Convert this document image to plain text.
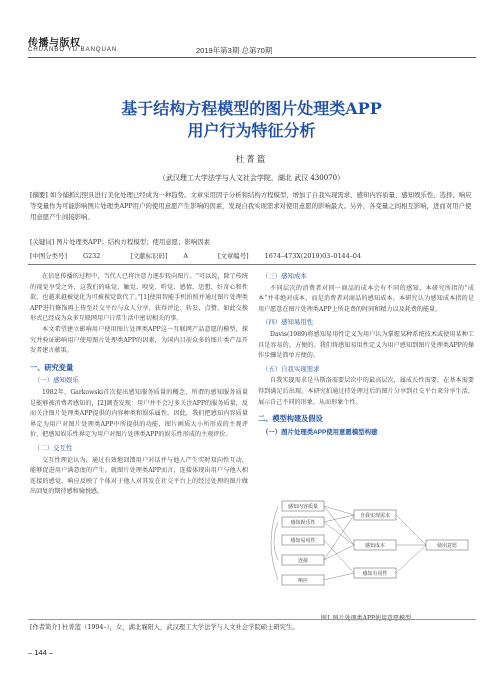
传播与版权
CHUANBO YU BANQUAN	2019年第3期 总第70期
基于结构方程模型的图片处理类APP
用户行为特征分析
杜菁篮
（武汉理工大学法学与人文社会学院，湖北 武汉 430070）
[摘要] 如今捕抓幻照具进行美化处理已经成为一种趋势。文章采用因子分析和结构方程模型，增加了自我实现需求、感知内容质量、感知娱乐性、选择、响应等变量作为可能影响图片处理类APP用户的使用意愿产生影响的因素，发现自我实现需求对使用意愿的影响最大。另外，各变量之间相互影响，进而对用户使用意愿产生间接影响。
[关键词] 图片处理类APP；结构方程模型；使用意愿；影响因素
[中图分类号]	G232	[文献标识码]	A	[文章编号]	1674–473X(2019)03–0144–04

在信息传播的过程中，当代人已将注意力逐步转向图片。“可以说，除了传统的视觉享受之外，这我们的味觉、触觉、嗅觉、听觉、感情、思想、好奇心和性欲、也越来越被觉化为可被视觉欲代了。”[1]使用智能手机拍照并通过图片处理类APP进行修饰再上传至社交平台与众人分享，获得评论、转发、点赞，如此交换形式已经成为众多互联网用户日常生活中密切相关的事。

本文希望建立影响用户使用图片处理类APP这一互联网产品意愿的模型，探究并验证影响用户使用图片处理类APP的因素，为国内目前众多的图片类产品开发者建言献策。

一、研究变量
（一）感知娱乐

1982年，Garkowski首次提出感知服务质量的概念，所谓的感知服务质量是能够被消费者感知的，[2]调查发现：用户并不会过多关注APP的服务质量，反而关注图片处理类APP提供的内容种类和娱乐属性。因此，我们把感知内容质量界定为用户对图片处理类APP中所提供的功能，图片画质大小所形成的主观评价，把感知娱乐性界定为用户对图片处理类APP的娱乐性形成的主观评价。

（二）交互性

交互性理论认为，通过有效地回馈用户对话并与他人产生实时双向性互动，能够促进用户满意度的产生。就图片处理类APP而言，连接体现出用户与他人相连接的感觉，响应反映了个体对于他人对其发在社交平台上的经过处理的图片做出回复的期待感和愉悦感。

（三）感知成本

不同层次的消费者对同一商品的成本会有不同的感知，本研究所指的“成本”并非绝对成本，而是消费者对商品的感知成本。本研究认为感知成本指的是用户愿意在图片处理类APP上所花费的时间和精力以及耗费的能量。

（四）感知易用性

Davis(1989)将感知易用性定义为用户认为掌握某种系统技术或使用某种工具是容易的、方便的。我们将感知易用性定义为用户感知到图片处理类APP的操作步骤是简单方便的。

（五）自我实现需求

自我实现需求是马斯洛需要层次中的最高层次，属成长性需要，在基本需要得到满足后出现。本研究拍通过持处理过后的图片分享到社交平台来分享生活，展示自己不同的形象，从而形象个性。

二、模型构建及假设
（一）图片处理类APP使用意愿模型构建
感知内容质量
感知娱乐性
感知易用性
连接
响应
自我实现需求
感知成本
感知有用性
使用意愿
[作者简介] 杜菁篮（1994–），女，湖北襄阳人，武汉理工大学法学与人文社会学院硕士研究生。
– 144 –
